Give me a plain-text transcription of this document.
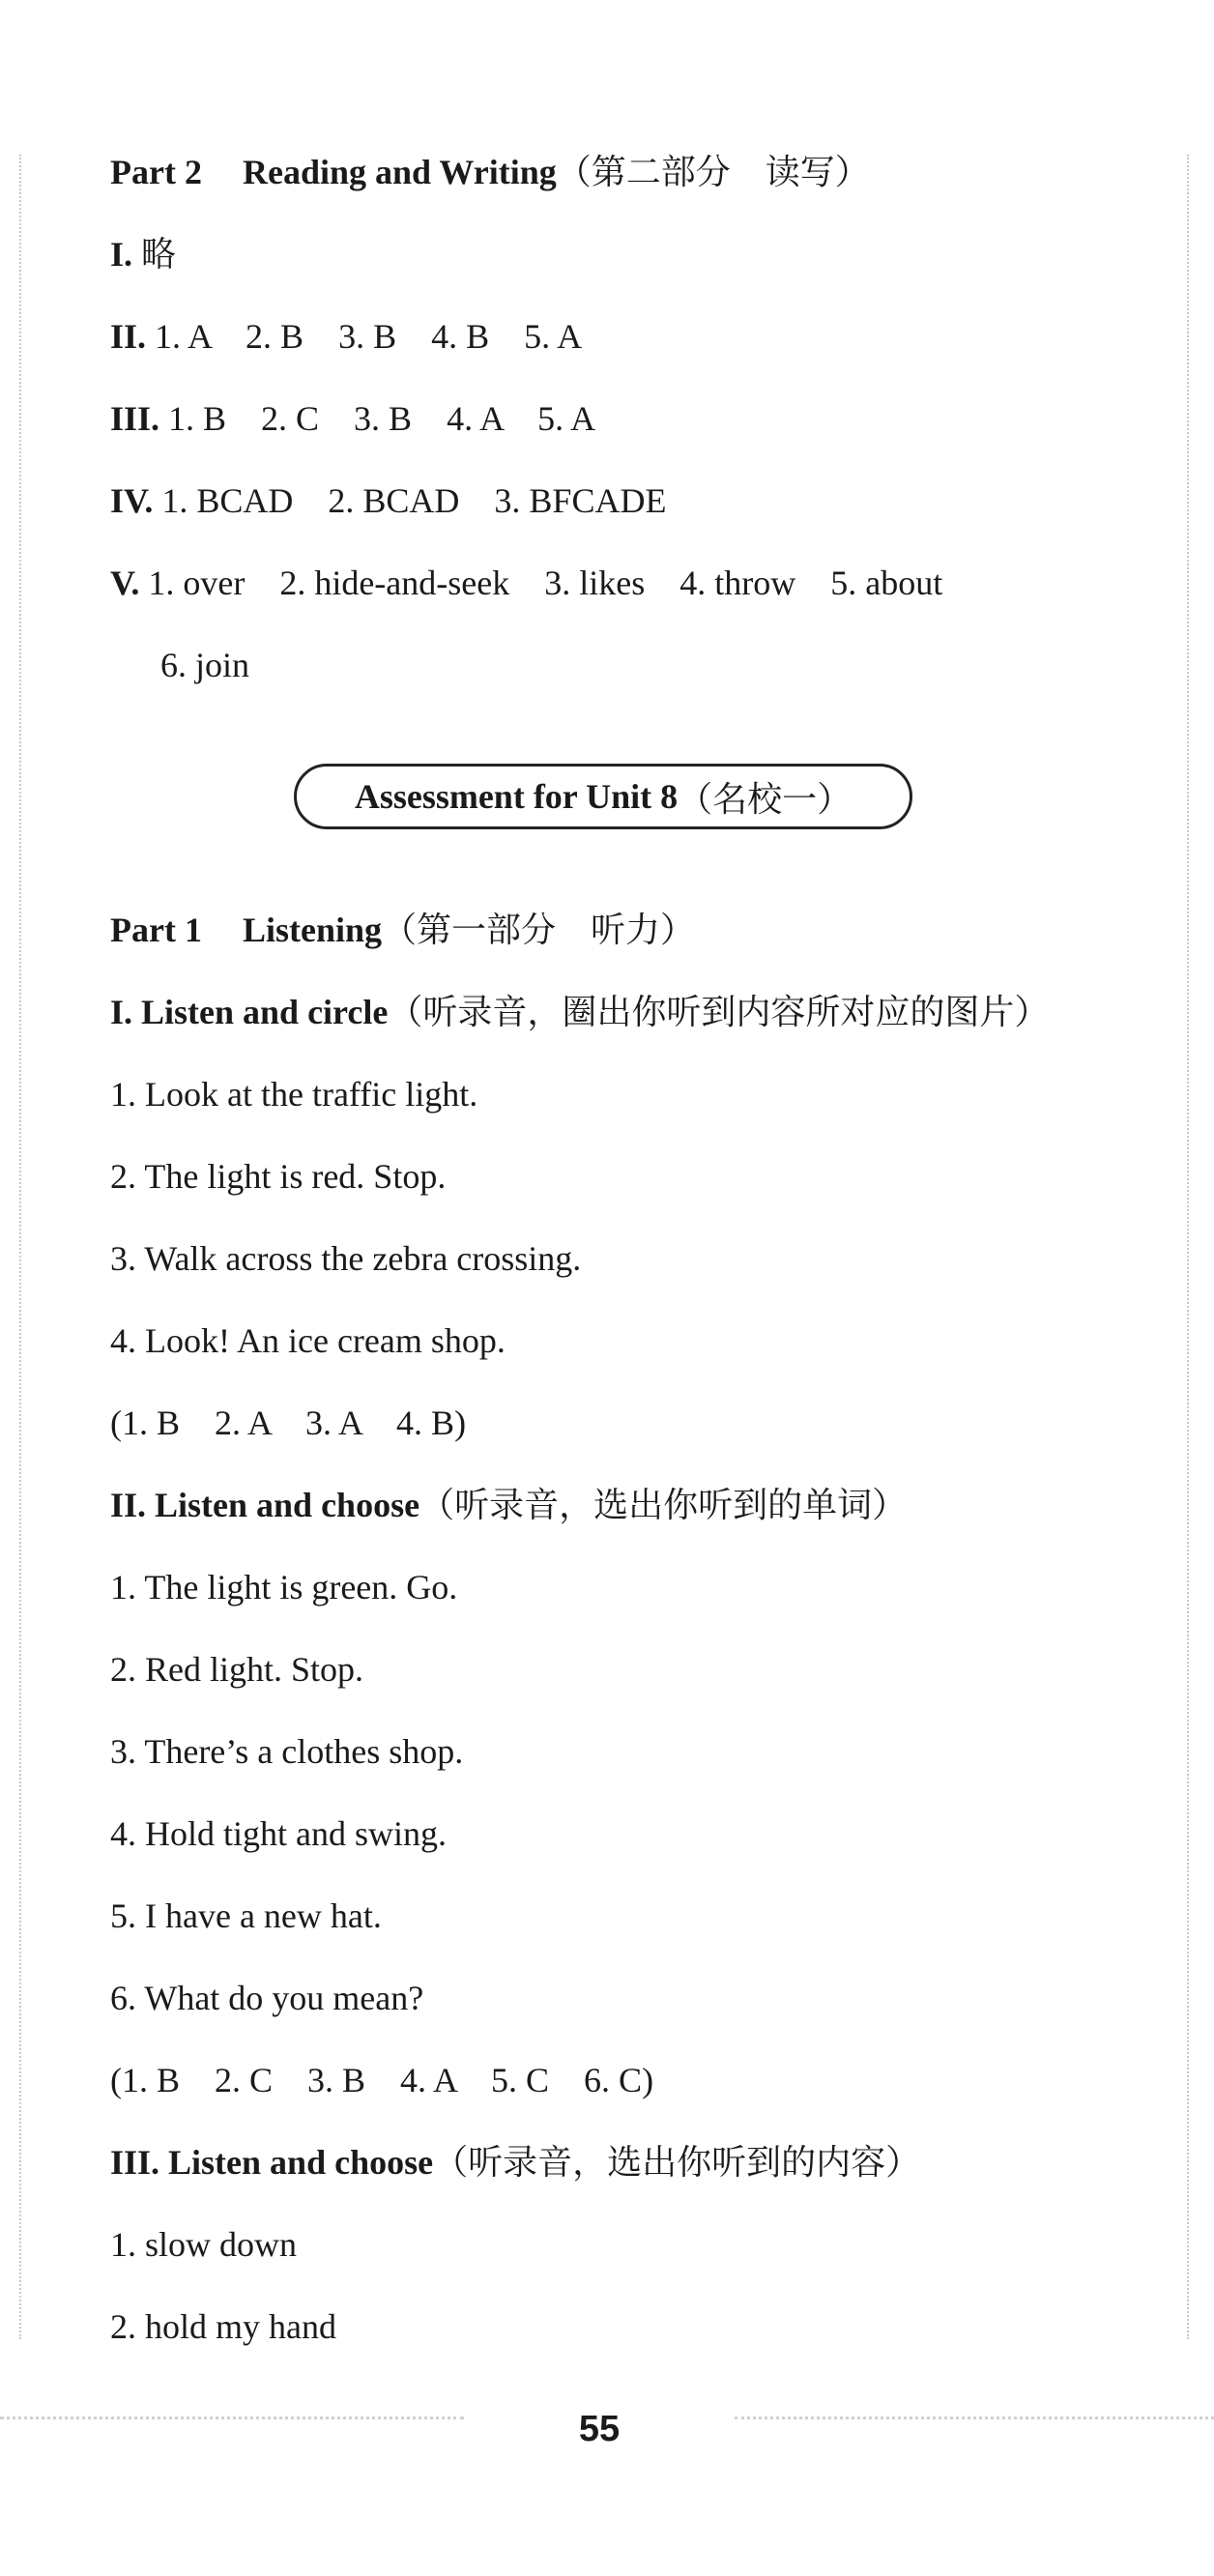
Part 2 Reading and Writing（第二部分　读写）
I. 略
II. 1. A　2. B　3. B　4. B　5. A
III. 1. B　2. C　3. B　4. A　5. A
IV. 1. BCAD　2. BCAD　3. BFCADE
V. 1. over　2. hide-and-seek　3. likes　4. throw　5. about
6. join
Assessment for Unit 8 （名校一）
Part 1 Listening（第一部分　听力）
I. Listen and circle（听录音，圈出你听到内容所对应的图片）
1. Look at the traffic light.
2. The light is red. Stop.
3. Walk across the zebra crossing.
4. Look! An ice cream shop.
(1. B　2. A　3. A　4. B)
II. Listen and choose（听录音，选出你听到的单词）
1. The light is green. Go.
2. Red light. Stop.
3. There’s a clothes shop.
4. Hold tight and swing.
5. I have a new hat.
6. What do you mean?
(1. B　2. C　3. B　4. A　5. C　6. C)
III. Listen and choose（听录音，选出你听到的内容）
1. slow down
2. hold my hand
55
